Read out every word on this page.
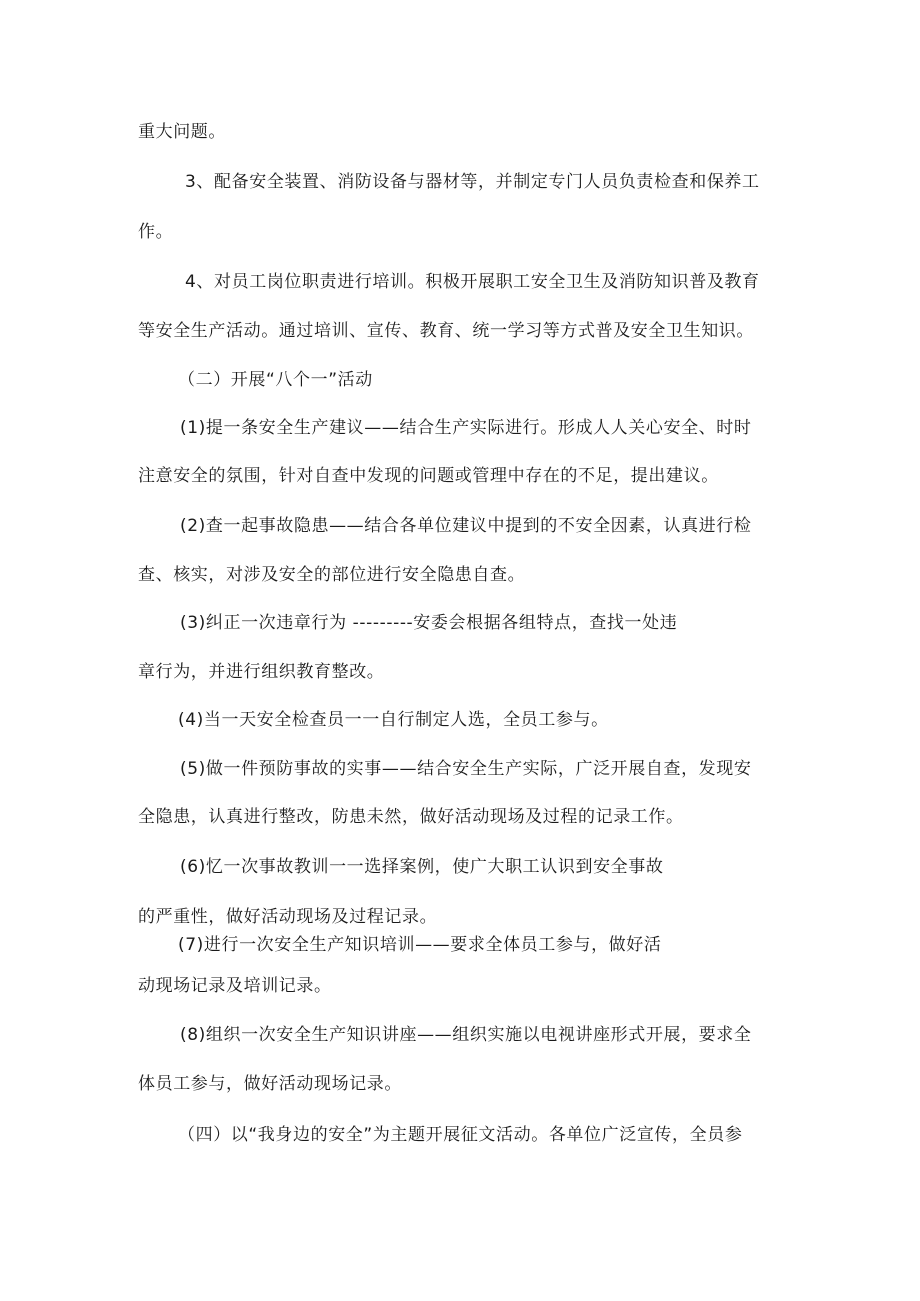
重大问题。
3、配备安全装置、消防设备与器材等，并制定专门人员负责检查和保养工
作。
4、对员工岗位职责进行培训。积极开展职工安全卫生及消防知识普及教育
等安全生产活动。通过培训、宣传、教育、统一学习等方式普及安全卫生知识。
（二）开展“八个一”活动
(1)提一条安全生产建议——结合生产实际进行。形成人人关心安全、时时
注意安全的氛围，针对自查中发现的问题或管理中存在的不足，提出建议。
(2)查一起事故隐患——结合各单位建议中提到的不安全因素，认真进行检
查、核实，对涉及安全的部位进行安全隐患自查。
(3)纠正一次违章行为 ---------安委会根据各组特点，查找一处违
章行为，并进行组织教育整改。
(4)当一天安全检查员一一自行制定人选，全员工参与。
(5)做一件预防事故的实事——结合安全生产实际，广泛开展自查，发现安
全隐患，认真进行整改，防患未然，做好活动现场及过程的记录工作。
(6)忆一次事故教训一一选择案例，使广大职工认识到安全事故
的严重性，做好活动现场及过程记录。
(7)进行一次安全生产知识培训——要求全体员工参与，做好活
动现场记录及培训记录。
(8)组织一次安全生产知识讲座——组织实施以电视讲座形式开展，要求全
体员工参与，做好活动现场记录。
（四）以“我身边的安全”为主题开展征文活动。各单位广泛宣传，全员参
